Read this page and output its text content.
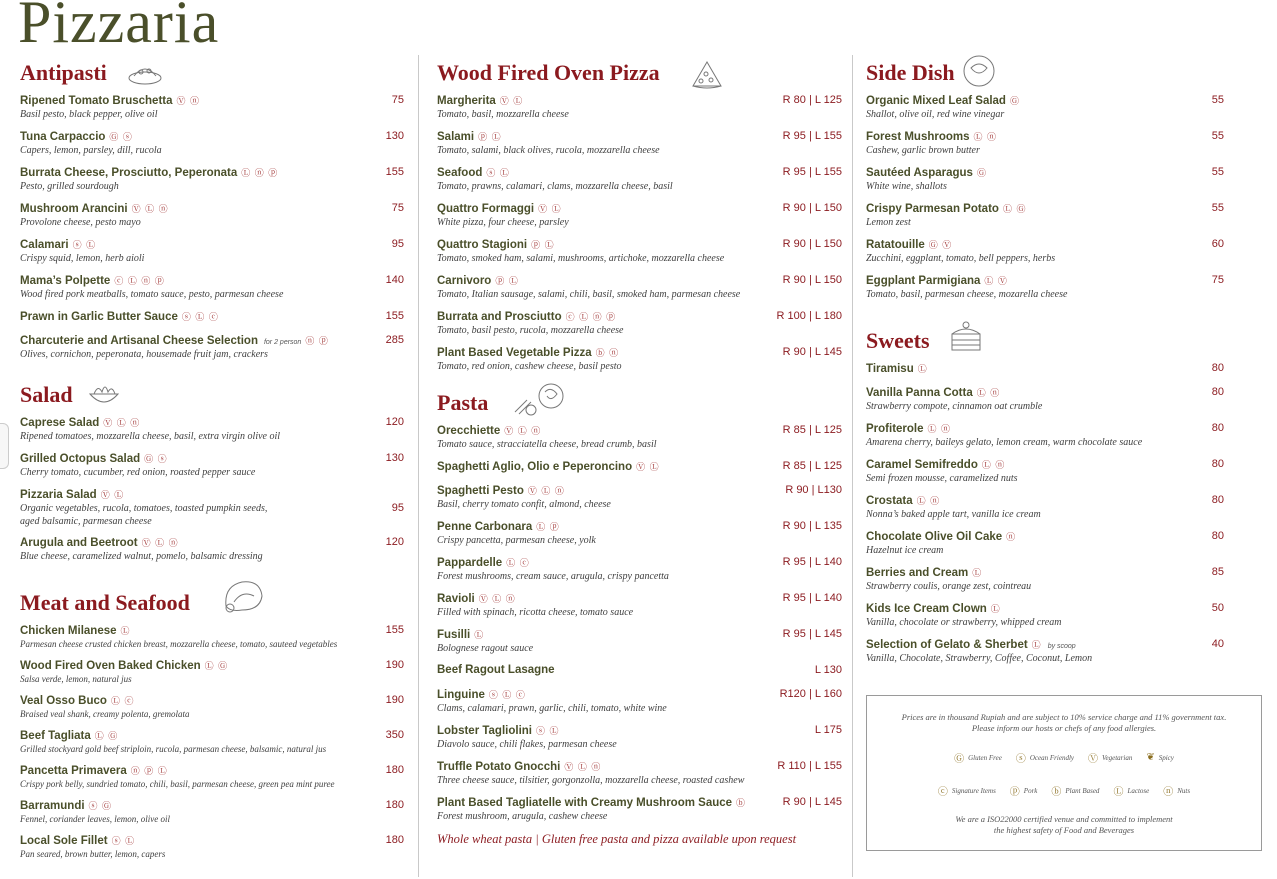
Pizzaria
Antipasti
Ripened Tomato Bruschetta Ⓥ ⓝ
Basil pesto, black pepper, olive oil
75
Tuna Carpaccio Ⓖ ⓢ
Capers, lemon, parsley, dill, rucola
130
Burrata Cheese, Prosciutto, Peperonata Ⓛ ⓝ ⓟ
Pesto, grilled sourdough
155
Mushroom Arancini Ⓥ Ⓛ ⓝ
Provolone cheese, pesto mayo
75
Calamari ⓢ Ⓛ
Crispy squid, lemon, herb aioli
95
Mama’s Polpette ⓒ Ⓛ ⓝ ⓟ
Wood fired pork meatballs, tomato sauce, pesto, parmesan cheese
140
Prawn in Garlic Butter Sauce ⓢ Ⓛ ⓒ	155
Charcuterie and Artisanal Cheese Selection for 2 person ⓝ ⓟ
Olives, cornichon, peperonata, housemade fruit jam, crackers
285
Salad
Caprese Salad Ⓥ Ⓛ ⓝ
Ripened tomatoes, mozzarella cheese, basil, extra virgin olive oil
120
Grilled Octopus Salad Ⓖ ⓢ
Cherry tomato, cucumber, red onion, roasted pepper sauce
130
Pizzaria Salad Ⓥ Ⓛ
Organic vegetables, rucola, tomatoes, toasted pumpkin seeds,
aged balsamic, parmesan cheese
95
Arugula and Beetroot Ⓥ Ⓛ ⓝ
Blue cheese, caramelized walnut, pomelo, balsamic dressing
120
Meat and Seafood
Chicken Milanese Ⓛ
Parmesan cheese crusted chicken breast, mozzarella cheese, tomato, sauteed vegetables
155
Wood Fired Oven Baked Chicken Ⓛ Ⓖ
Salsa verde, lemon, natural jus
190
Veal Osso Buco Ⓛ ⓒ
Braised veal shank, creamy polenta, gremolata
190
Beef Tagliata Ⓛ Ⓖ
Grilled stockyard gold beef striploin, rucola, parmesan cheese, balsamic, natural jus
350
Pancetta Primavera ⓝ ⓟ Ⓛ
Crispy pork belly, sundried tomato, chili, basil, parmesan cheese, green pea mint puree
180
Barramundi ⓢ Ⓖ
Fennel, coriander leaves, lemon, olive oil
180
Local Sole Fillet ⓢ Ⓛ
Pan seared, brown butter, lemon, capers
180
Wood Fired Oven Pizza
Margherita Ⓥ Ⓛ
Tomato, basil, mozzarella cheese
R 80 | L 125
Salami ⓟ Ⓛ
Tomato, salami, black olives, rucola, mozzarella cheese
R 95 | L 155
Seafood ⓢ Ⓛ
Tomato, prawns, calamari, clams, mozzarella cheese, basil
R 95 | L 155
Quattro Formaggi Ⓥ Ⓛ
White pizza, four cheese, parsley
R 90 | L 150
Quattro Stagioni ⓟ Ⓛ
Tomato, smoked ham, salami, mushrooms, artichoke, mozzarella cheese
R 90 | L 150
Carnivoro ⓟ Ⓛ
Tomato, Italian sausage, salami, chili, basil, smoked ham, parmesan cheese
R 90 | L 150
Burrata and Prosciutto ⓒ Ⓛ ⓝ ⓟ
Tomato, basil pesto, rucola, mozzarella cheese
R 100 | L 180
Plant Based Vegetable Pizza ⓑ ⓝ
Tomato, red onion, cashew cheese, basil pesto
R 90 | L 145
Pasta
Orecchiette Ⓥ Ⓛ ⓝ
Tomato sauce, stracciatella cheese, bread crumb, basil
R 85 | L 125
Spaghetti Aglio, Olio e Peperoncino Ⓥ Ⓛ	R 85 | L 125
Spaghetti Pesto Ⓥ Ⓛ ⓝ
Basil, cherry tomato confit, almond, cheese
R 90 | L130
Penne Carbonara Ⓛ ⓟ
Crispy pancetta, parmesan cheese, yolk
R 90 | L 135
Pappardelle Ⓛ ⓒ
Forest mushrooms, cream sauce, arugula, crispy pancetta
R 95 | L 140
Ravioli Ⓥ Ⓛ ⓝ
Filled with spinach, ricotta cheese, tomato sauce
R 95 | L 140
Fusilli Ⓛ
Bolognese ragout sauce
R 95 | L 145
Beef Ragout Lasagne	L 130
Linguine ⓢ Ⓛ ⓒ
Clams, calamari, prawn, garlic, chili, tomato, white wine
R120 | L 160
Lobster Tagliolini ⓢ Ⓛ
Diavolo sauce, chili flakes, parmesan cheese
L 175
Truffle Potato Gnocchi Ⓥ Ⓛ ⓝ
Three cheese sauce, tilsitier, gorgonzolla, mozzarella cheese, roasted cashew
R 110 | L 155
Plant Based Tagliatelle with Creamy Mushroom Sauce ⓑ
Forest mushroom, arugula, cashew cheese
R 90 | L 145
Whole wheat pasta | Gluten free pasta and pizza available upon request
Side Dish
Organic Mixed Leaf Salad Ⓖ
Shallot, olive oil, red wine vinegar
55
Forest Mushrooms Ⓛ ⓝ
Cashew, garlic brown butter
55
Sautéed Asparagus Ⓖ
White wine, shallots
55
Crispy Parmesan Potato Ⓛ Ⓖ
Lemon zest
55
Ratatouille Ⓖ Ⓥ
Zucchini, eggplant, tomato, bell peppers, herbs
60
Eggplant Parmigiana Ⓛ Ⓥ
Tomato, basil, parmesan cheese, mozarella cheese
75
Sweets
Tiramisu Ⓛ	80
Vanilla Panna Cotta Ⓛ ⓝ
Strawberry compote, cinnamon oat crumble
80
Profiterole Ⓛ ⓝ
Amarena cherry, baileys gelato, lemon cream, warm chocolate sauce
80
Caramel Semifreddo Ⓛ ⓝ
Semi frozen mousse, caramelized nuts
80
Crostata Ⓛ ⓝ
Nonna’s baked apple tart, vanilla ice cream
80
Chocolate Olive Oil Cake ⓝ
Hazelnut ice cream
80
Berries and Cream Ⓛ
Strawberry coulis, orange zest, cointreau
85
Kids Ice Cream Clown Ⓛ
Vanilla, chocolate or strawberry, whipped cream
50
Selection of Gelato & Sherbet Ⓛ by scoop
Vanilla, Chocolate, Strawberry, Coffee, Coconut, Lemon
40
Prices are in thousand Rupiah and are subject to 10% service charge and 11% government tax.
Please inform our hosts or chefs of any food allergies.
Ⓖ Gluten Free ⓢ Ocean Friendly Ⓥ Vegetarian ❦ Spicy
ⓒ Signature Items ⓟ Pork ⓑ Plant Based Ⓛ Lactose ⓝ Nuts
We are a ISO22000 certified venue and committed to implement
the highest safety of Food and Beverages
